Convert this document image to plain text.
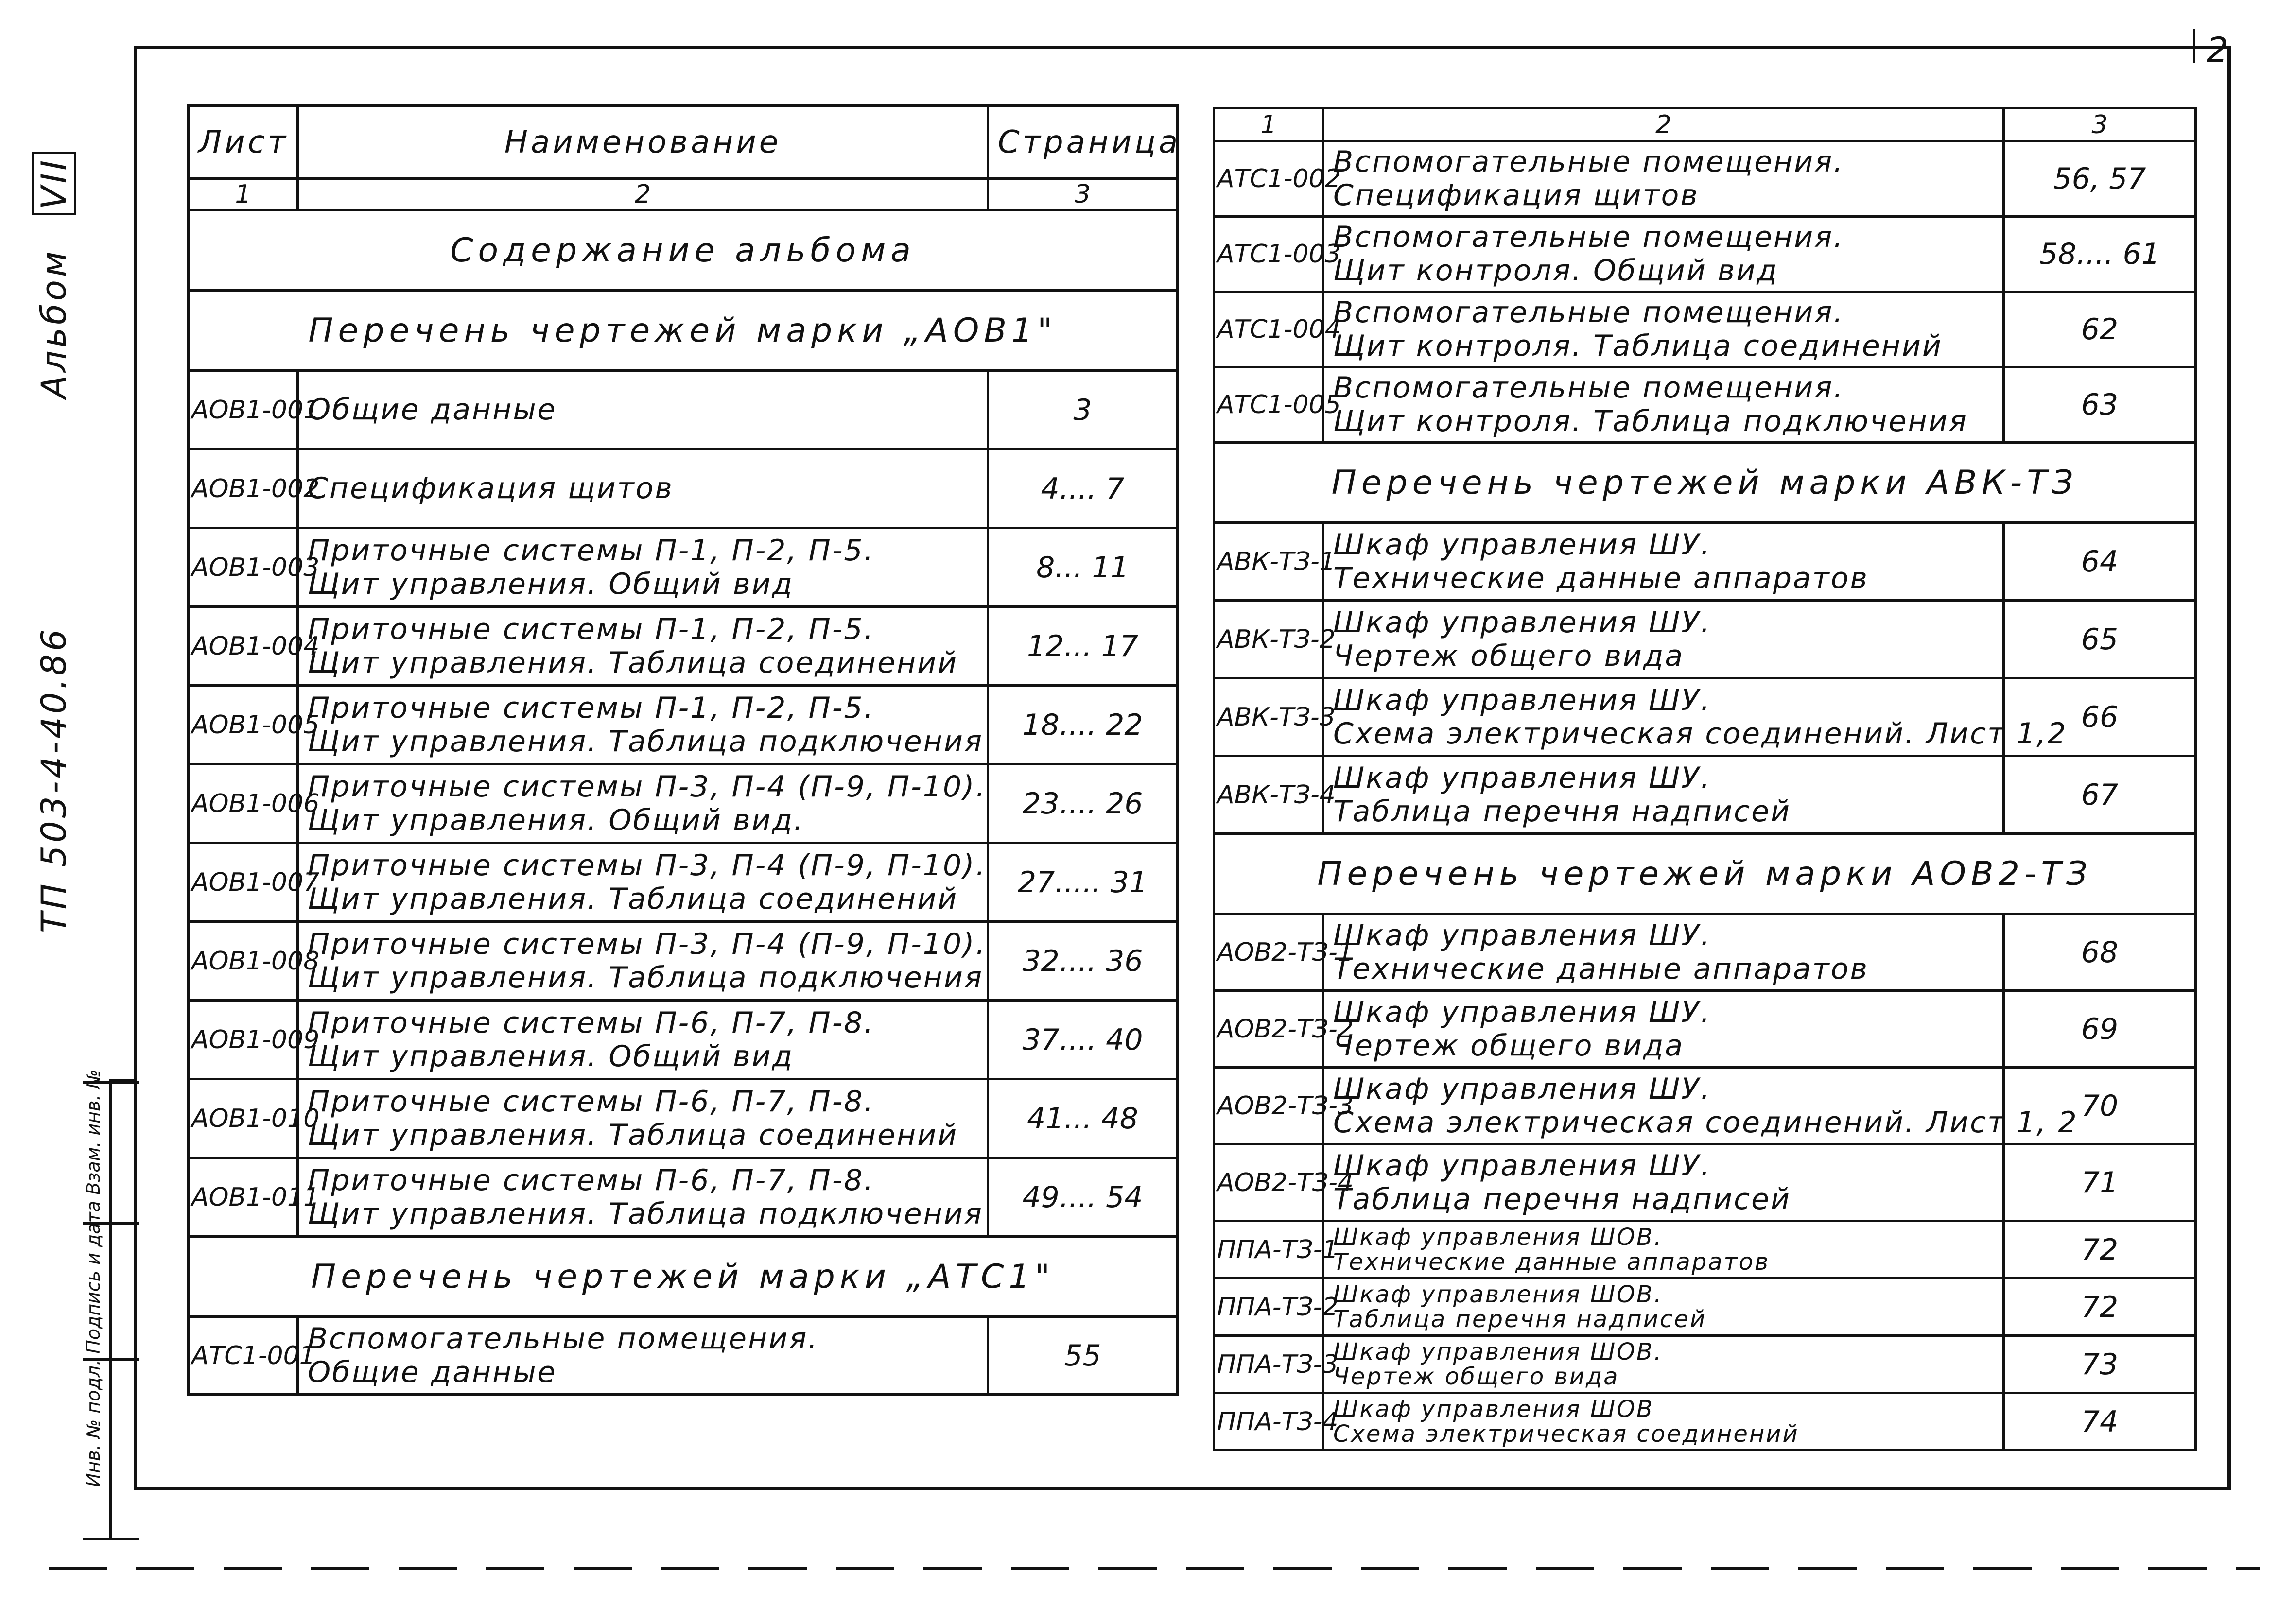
2
Альбом VII
ТП 503-4-40.86
Инв. № подл. Подпись и дата Взам. инв. №
Лист	Наименование	Страница
1	2	3
Содержание альбома		
Перечень чертежей марки „АОВ1"		
АОВ1-001	Общие данные	3
АОВ1-002	Спецификация щитов	4.... 7
АОВ1-003	Приточные системы П-1, П-2, П-5.
Щит управления. Общий вид	8... 11
АОВ1-004	Приточные системы П-1, П-2, П-5.
Щит управления. Таблица соединений	12... 17
АОВ1-005	Приточные системы П-1, П-2, П-5.
Щит управления. Таблица подключения	18.... 22
АОВ1-006	Приточные системы П-3, П-4 (П-9, П-10).
Щит управления. Общий вид.	23.... 26
АОВ1-007	Приточные системы П-3, П-4 (П-9, П-10).
Щит управления. Таблица соединений	27..... 31
АОВ1-008	Приточные системы П-3, П-4 (П-9, П-10).
Щит управления. Таблица подключения	32.... 36
АОВ1-009	Приточные системы П-6, П-7, П-8.
Щит управления. Общий вид	37.... 40
АОВ1-010	Приточные системы П-6, П-7, П-8.
Щит управления. Таблица соединений	41... 48
АОВ1-011	Приточные системы П-6, П-7, П-8.
Щит управления. Таблица подключения	49.... 54
Перечень чертежей марки „АТС1"		
АТС1-001	Вспомогательные помещения.
Общие данные	55
1	2	3
АТС1-002	Вспомогательные помещения.
Спецификация щитов	56, 57
АТС1-003	Вспомогательные помещения.
Щит контроля. Общий вид	58.... 61
АТС1-004	Вспомогательные помещения.
Щит контроля. Таблица соединений	62
АТС1-005	Вспомогательные помещения.
Щит контроля. Таблица подключения	63
Перечень чертежей марки АВК-ТЗ		
АВК-ТЗ-1	Шкаф управления ШУ.
Технические данные аппаратов	64
АВК-ТЗ-2	Шкаф управления ШУ.
Чертеж общего вида	65
АВК-ТЗ-3	Шкаф управления ШУ.
Схема электрическая соединений. Лист 1,2	66
АВК-ТЗ-4	Шкаф управления ШУ.
Таблица перечня надписей	67
Перечень чертежей марки АОВ2-ТЗ		
АОВ2-ТЗ-1	Шкаф управления ШУ.
Технические данные аппаратов	68
АОВ2-ТЗ-2	Шкаф управления ШУ.
Чертеж общего вида	69
АОВ2-ТЗ-3	Шкаф управления ШУ.
Схема электрическая соединений. Лист 1, 2	70
АОВ2-ТЗ-4	Шкаф управления ШУ.
Таблица перечня надписей	71
ППА-ТЗ-1	Шкаф управления ШОВ.
Технические данные аппаратов	72
ППА-ТЗ-2	Шкаф управления ШОВ.
Таблица перечня надписей	72
ППА-ТЗ-3	Шкаф управления ШОВ.
Чертеж общего вида	73
ППА-ТЗ-4	Шкаф управления ШОВ
Схема электрическая соединений	74
